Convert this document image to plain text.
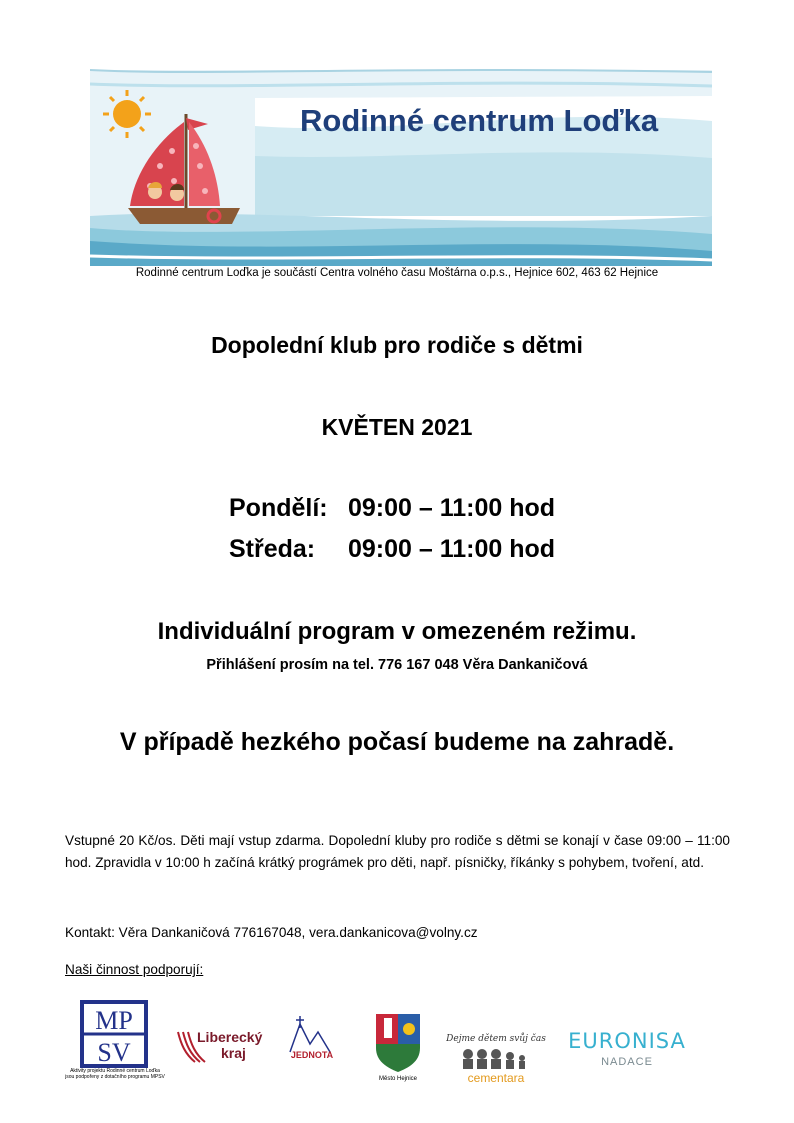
Rodinné centrum Loďka
Rodinné centrum Loďka je součástí Centra volného času Moštárna o.p.s., Hejnice 602, 463 62 Hejnice
Dopolední klub pro rodiče s dětmi
KVĚTEN 2021
Pondělí: 09:00 – 11:00 hod
Středa: 09:00 – 11:00 hod
Individuální program v omezeném režimu.
Přihlášení prosím na tel. 776 167 048 Věra Dankaničová
V případě hezkého počasí budeme na zahradě.
Vstupné 20 Kč/os. Děti mají vstup zdarma. Dopolední kluby pro rodiče s dětmi se konají v čase 09:00 – 11:00 hod. Zpravidla v 10:00 h začíná krátký prográmek pro děti, např. písničky, říkánky s pohybem, tvoření, atd.
Kontakt: Věra Dankaničová 776167048, vera.dankanicova@volny.cz
Naši činnost podporují:
MP
SV
Aktivity projektu Rodinné centrum Loďka jsou podpořeny z dotačního programu MPSV
Liberecký
kraj	JEDNOTA
Město Hejnice
Dejme dětem svůj čas
cementara
EURONISA
NADACE
